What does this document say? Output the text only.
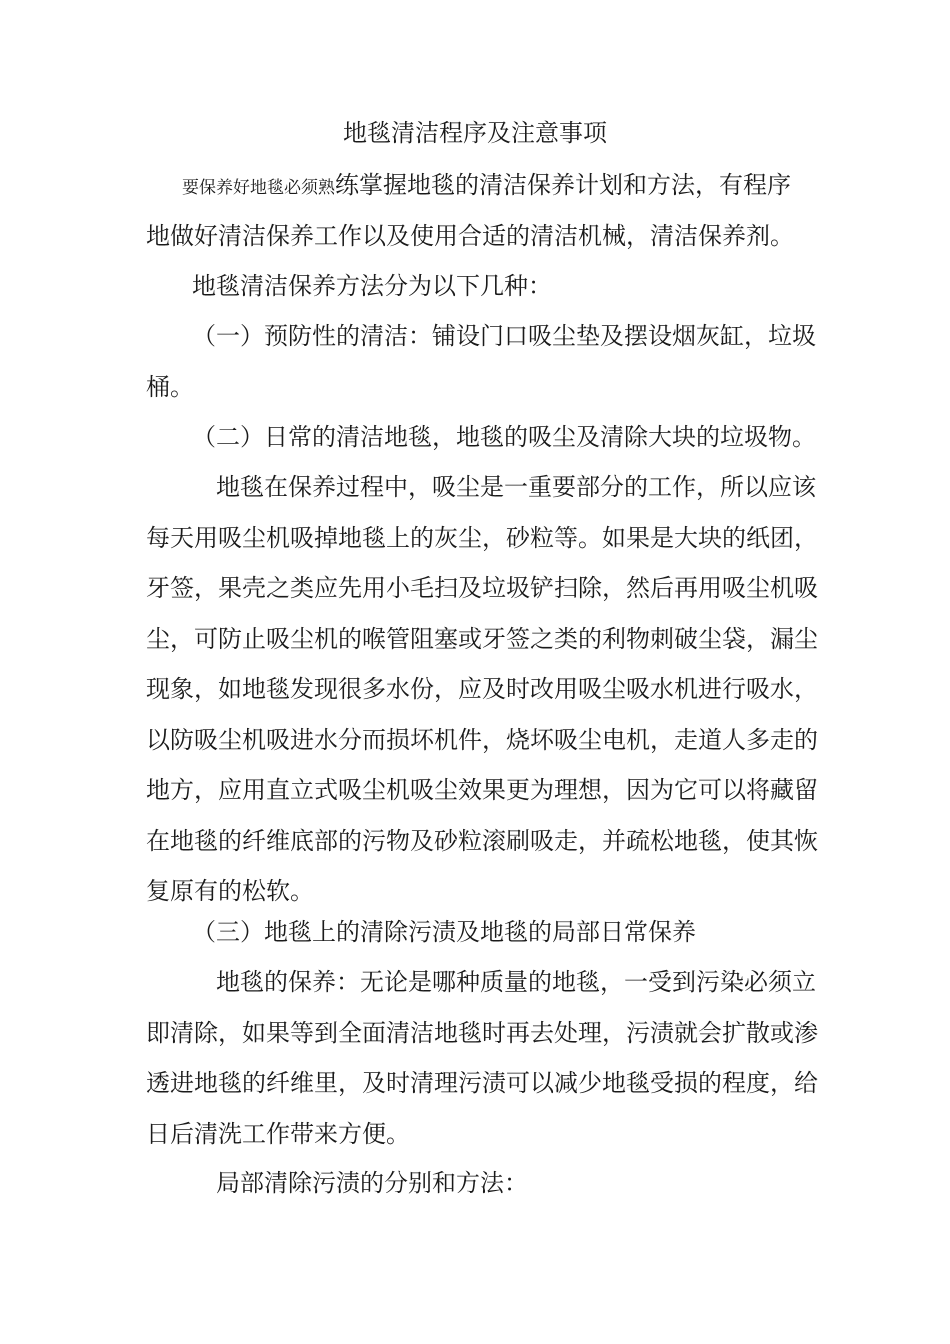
地毯清洁程序及注意事项
要保养好地毯必须熟练掌握地毯的清洁保养计划和方法，有程序
地做好清洁保养工作以及使用合适的清洁机械，清洁保养剂。
地毯清洁保养方法分为以下几种：
（一）预防性的清洁：铺设门口吸尘垫及摆设烟灰缸，垃圾
桶。
（二）日常的清洁地毯，地毯的吸尘及清除大块的垃圾物。
地毯在保养过程中，吸尘是一重要部分的工作，所以应该
每天用吸尘机吸掉地毯上的灰尘，砂粒等。如果是大块的纸团，
牙签，果壳之类应先用小毛扫及垃圾铲扫除，然后再用吸尘机吸
尘，可防止吸尘机的喉管阻塞或牙签之类的利物刺破尘袋，漏尘
现象，如地毯发现很多水份，应及时改用吸尘吸水机进行吸水，
以防吸尘机吸进水分而损坏机件，烧坏吸尘电机，走道人多走的
地方，应用直立式吸尘机吸尘效果更为理想，因为它可以将藏留
在地毯的纤维底部的污物及砂粒滚刷吸走，并疏松地毯，使其恢
复原有的松软。
（三）地毯上的清除污渍及地毯的局部日常保养
地毯的保养：无论是哪种质量的地毯，一受到污染必须立
即清除，如果等到全面清洁地毯时再去处理，污渍就会扩散或渗
透进地毯的纤维里，及时清理污渍可以减少地毯受损的程度，给
日后清洗工作带来方便。
局部清除污渍的分别和方法：
